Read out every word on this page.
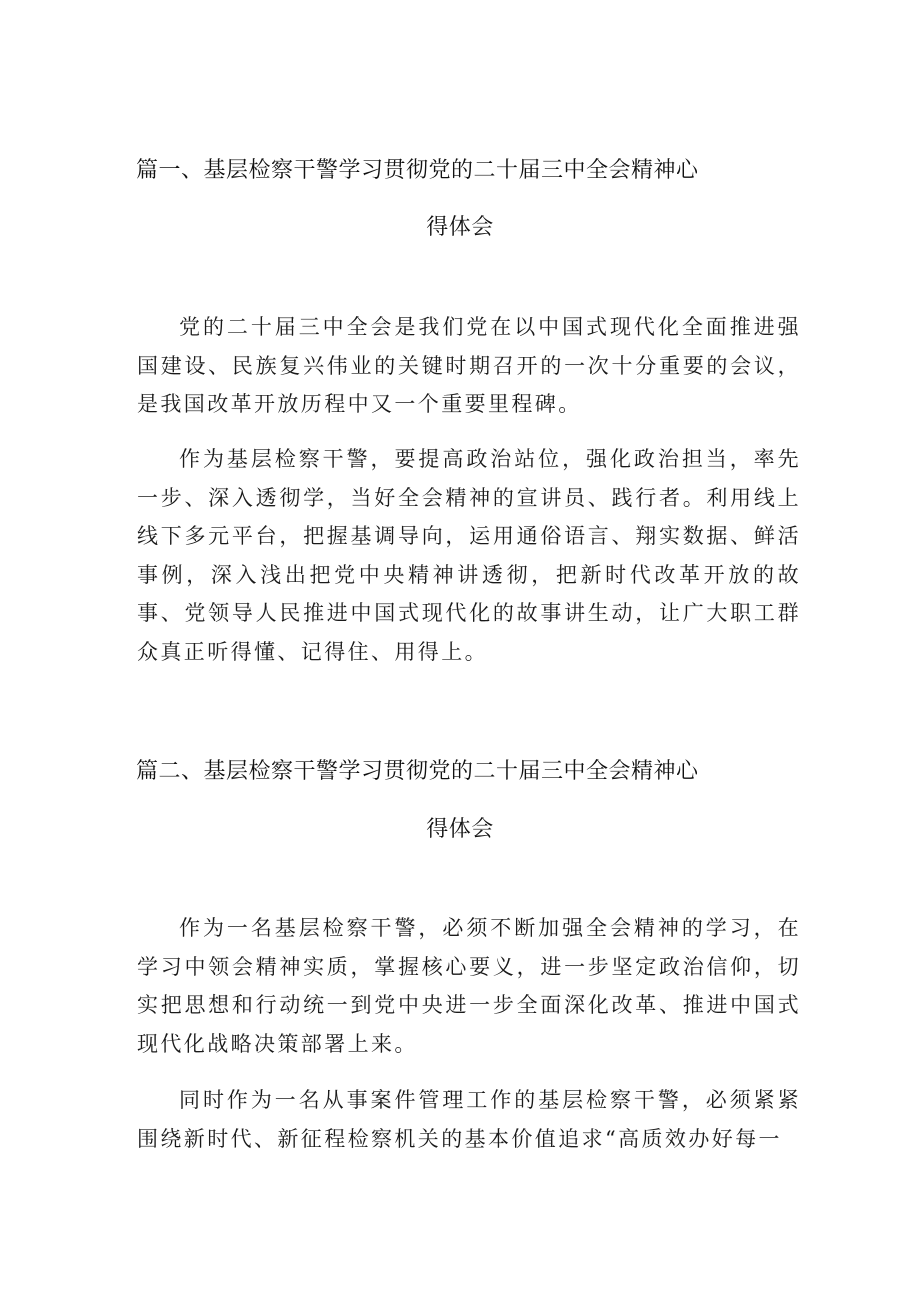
篇一、基层检察干警学习贯彻党的二十届三中全会精神心
得体会

党的二十届三中全会是我们党在以中国式现代化全面推进强国建设、民族复兴伟业的关键时期召开的一次十分重要的会议，是我国改革开放历程中又一个重要里程碑。

作为基层检察干警，要提高政治站位，强化政治担当，率先一步、深入透彻学，当好全会精神的宣讲员、践行者。利用线上线下多元平台，把握基调导向，运用通俗语言、翔实数据、鲜活事例，深入浅出把党中央精神讲透彻，把新时代改革开放的故事、党领导人民推进中国式现代化的故事讲生动，让广大职工群众真正听得懂、记得住、用得上。

篇二、基层检察干警学习贯彻党的二十届三中全会精神心
得体会

作为一名基层检察干警，必须不断加强全会精神的学习，在学习中领会精神实质，掌握核心要义，进一步坚定政治信仰，切实把思想和行动统一到党中央进一步全面深化改革、推进中国式现代化战略决策部署上来。

同时作为一名从事案件管理工作的基层检察干警，必须紧紧围绕新时代、新征程检察机关的基本价值追求“高质效办好每一
